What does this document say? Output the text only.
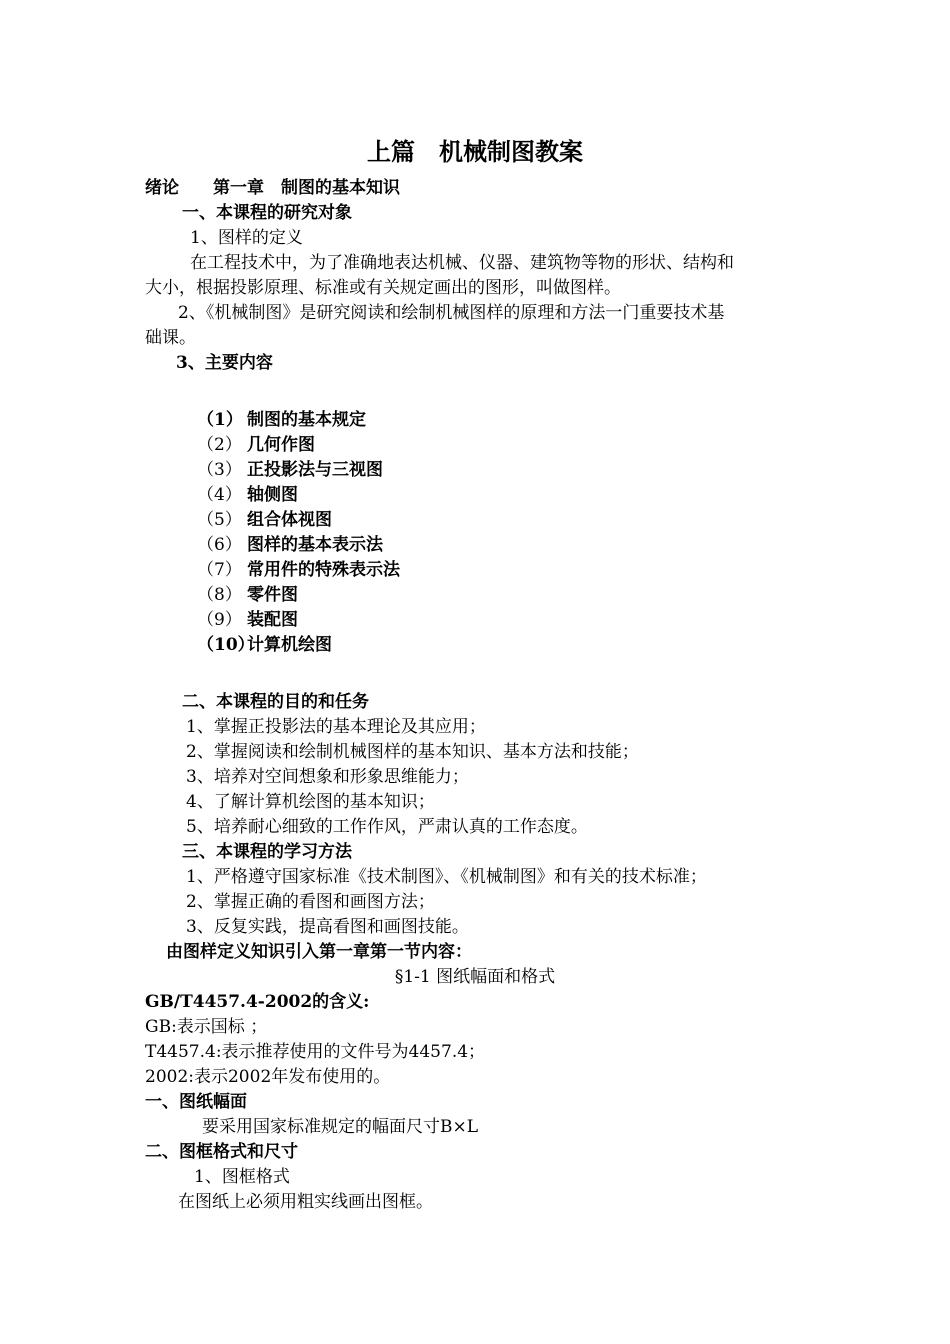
上篇　机械制图教案
绪论　　第一章　制图的基本知识
一、本课程的研究对象
1、图样的定义
在工程技术中，为了准确地表达机械、仪器、建筑物等物的形状、结构和
大小，根据投影原理、标准或有关规定画出的图形，叫做图样。
2、《机械制图》是研究阅读和绘制机械图样的原理和方法一门重要技术基
础课。
3、主要内容
（1） 制图的基本规定
（2） 几何作图
（3） 正投影法与三视图
（4） 轴侧图
（5） 组合体视图
（6） 图样的基本表示法
（7） 常用件的特殊表示法
（8） 零件图
（9） 装配图
（10）计算机绘图
二、本课程的目的和任务
1、掌握正投影法的基本理论及其应用；
2、掌握阅读和绘制机械图样的基本知识、基本方法和技能；
3、培养对空间想象和形象思维能力；
4、了解计算机绘图的基本知识；
5、培养耐心细致的工作作风，严肃认真的工作态度。
三、本课程的学习方法
1、严格遵守国家标准《技术制图》、《机械制图》和有关的技术标准；
2、掌握正确的看图和画图方法；
3、反复实践，提高看图和画图技能。
由图样定义知识引入第一章第一节内容：
§1-1 图纸幅面和格式
GB/T4457.4-2002的含义:
GB:表示国标 ；
T4457.4:表示推荐使用的文件号为4457.4；
2002:表示2002年发布使用的。
一、图纸幅面
要采用国家标准规定的幅面尺寸B×L
二、图框格式和尺寸
1、图框格式
在图纸上必须用粗实线画出图框。
